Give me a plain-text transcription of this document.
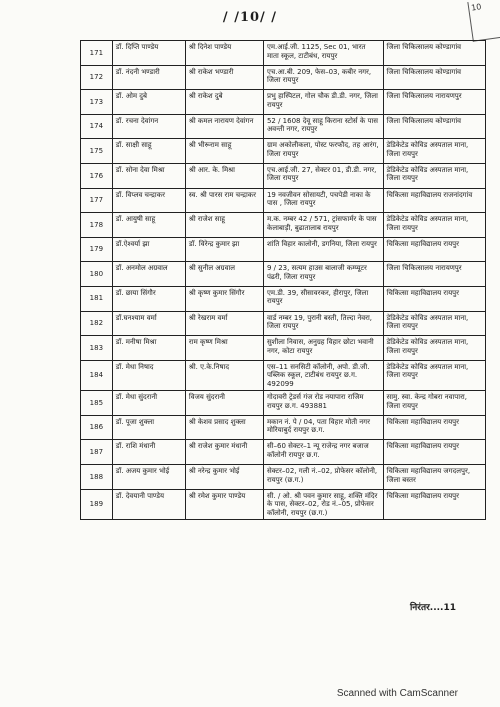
/ /10/ /
10
171	डॉ. दिप्ति पाण्डेय	श्री दिनेश पाण्डेय	एम.आई.जी. 1125, Sec 01, भारत माता स्कूल, टाटीबंध, रायपुर	जिला चिकित्सालय कोण्डागांव
172	डॉ. नंदनी भण्डारी	श्री राकेश भण्डारी	एच.आ.बी. 209, फेस–03, कबीर नगर, जिला रायपुर	जिला चिकित्सालय कोण्डागांव
173	डॉ. ओम दुबे	श्री राकेश दुबे	प्रभु हास्पिटल, गोल चौक डी.डी. नगर, जिला रायपुर	जिला चिकित्सालय नारायणपुर
174	डॉ. रचना देवांगन	श्री कमल नारायण देवांगन	52 / 1608 देवू साहू किराना स्टोर्स के पास अवन्ती नगर, रायपुर	जिला चिकित्सालय कोण्डागांव
175	डॉ. साक्षी साहू	श्री भीरूराम साहू	ग्राम अकोलीकला, पोस्ट फरफौद, तह आरंग, जिला रायपुर	डेडिकेटेड कोविड अस्पताल माना, जिला रायपुर
176	डॉ. सोना देवा मिश्रा	श्री आर. के. मिश्रा	एच.आई.जी. 27, सेक्टर 01, डी.डी. नगर, जिला रायपुर	डेडिकेटेड कोविड अस्पताल माना, जिला रायपुर
177	डॉ. विप्लव चन्द्राकर	स्व. श्री पारस राम चन्द्राकर	19 नवजीवन सोसायटी, पचपेडी नाका के पास , जिला रायपुर	चिकित्सा महाविद्यालय राजनांदगांव
178	डॉ. आयुषी साहू	श्री राजेश साहू	म.क. नम्बर 42 / 571, ट्रांसफार्मर के पास केलाबाड़ी, बुढातालाब रायपुर	डेडिकेटेड कोविड अस्पताल माना, जिला रायपुर
179	डॉ.ऐश्वर्या झा	डॉ. विरेन्द्र कुमार झा	शांति विहार कालोनी, डगनिया, जिला रायपुर	चिकित्सा महाविद्यालय रायपुर
180	डॉ. अनमोल अग्रवाल	श्री सुनील अग्रवाल	9 / 23, सत्यम हाउस बालाजी कम्प्यूटर पंढरी, जिला रायपुर	जिला चिकित्सालय नारायणपुर
181	डॉ. छाया सिंगौर	श्री कृष्ण कुमार सिंगौर	एम.डी. 39, सीसावरकर, हीरापुर, जिला रायपुर	चिकित्सा महाविद्यालय रायपुर
182	डॉ.घनश्याम वर्मा	श्री रेखराम वर्मा	वार्ड नम्बर 19, पुरानी बस्ती, तिल्दा नेवरा, जिला रायपुर	डेडिकेटेड कोविड अस्पताल माना, जिला रायपुर
183	डॉ. मनीषा मिश्रा	राम कृष्ण मिश्रा	सुशीला निवास, अनुग्रह विहार छोटा भवानी नगर, कोटा रायपुर	डेडिकेटेड कोविड अस्पताल माना, जिला रायपुर
184	डॉ. मेधा निषाद	श्री. ए.के.निषाद	एस–11 सनसिटी कॉलोनी, अपो. डी.जी. पब्लिक स्कूल, टाटीबंध रायपुर छ.ग. 492099	डेडिकेटेड कोविड अस्पताल माना, जिला रायपुर
185	डॉ. मेधा सुंदरानी	विजय सुंदरानी	गोदावरी ट्रेडर्स गंज रोड नयापारा राजिम रायपुर छ.ग. 493881	सामु. स्वा. केन्द्र गोबरा नवापारा, जिला रायपुर
186	डॉ. पूजा शुक्ला	श्री केशव प्रसाद शुक्ला	मकान नं. पे / 04, पता विहार मोती नगर मोरियाबुर्द रायपुर छ.ग.	चिकित्सा महाविद्यालय रायपुर
187	डॉ. राशि मंधानी	श्री राजेश कुमार मंधानी	सी–60 सेक्टर–1 न्यू राजेन्द्र नगर बजाज कॉलोनी रायपुर छ.ग.	चिकित्सा महाविद्यालय रायपुर
188	डॉ. अजय कुमार भोई	श्री नरेन्द्र कुमार भोई	सेक्टर–02, गली नं.–02, प्रोफेसर कॉलोनी, रायपुर (छ.ग.)	चिकित्सा महाविद्यालय जगदलपुर, जिला बस्तर
189	डॉ. देवयानी पाण्डेय	श्री रमेश कुमार पाण्डेय	सी. / ओ. श्री पवन कुमार साहू, शक्ति मंदिर के पास, सेक्टर–02, रोड नं.–05, प्रोफेसर कॉलोनी, रायपुर (छ.ग.)	चिकित्सा महाविद्यालय रायपुर
निरंतर....11
Scanned with CamScanner
